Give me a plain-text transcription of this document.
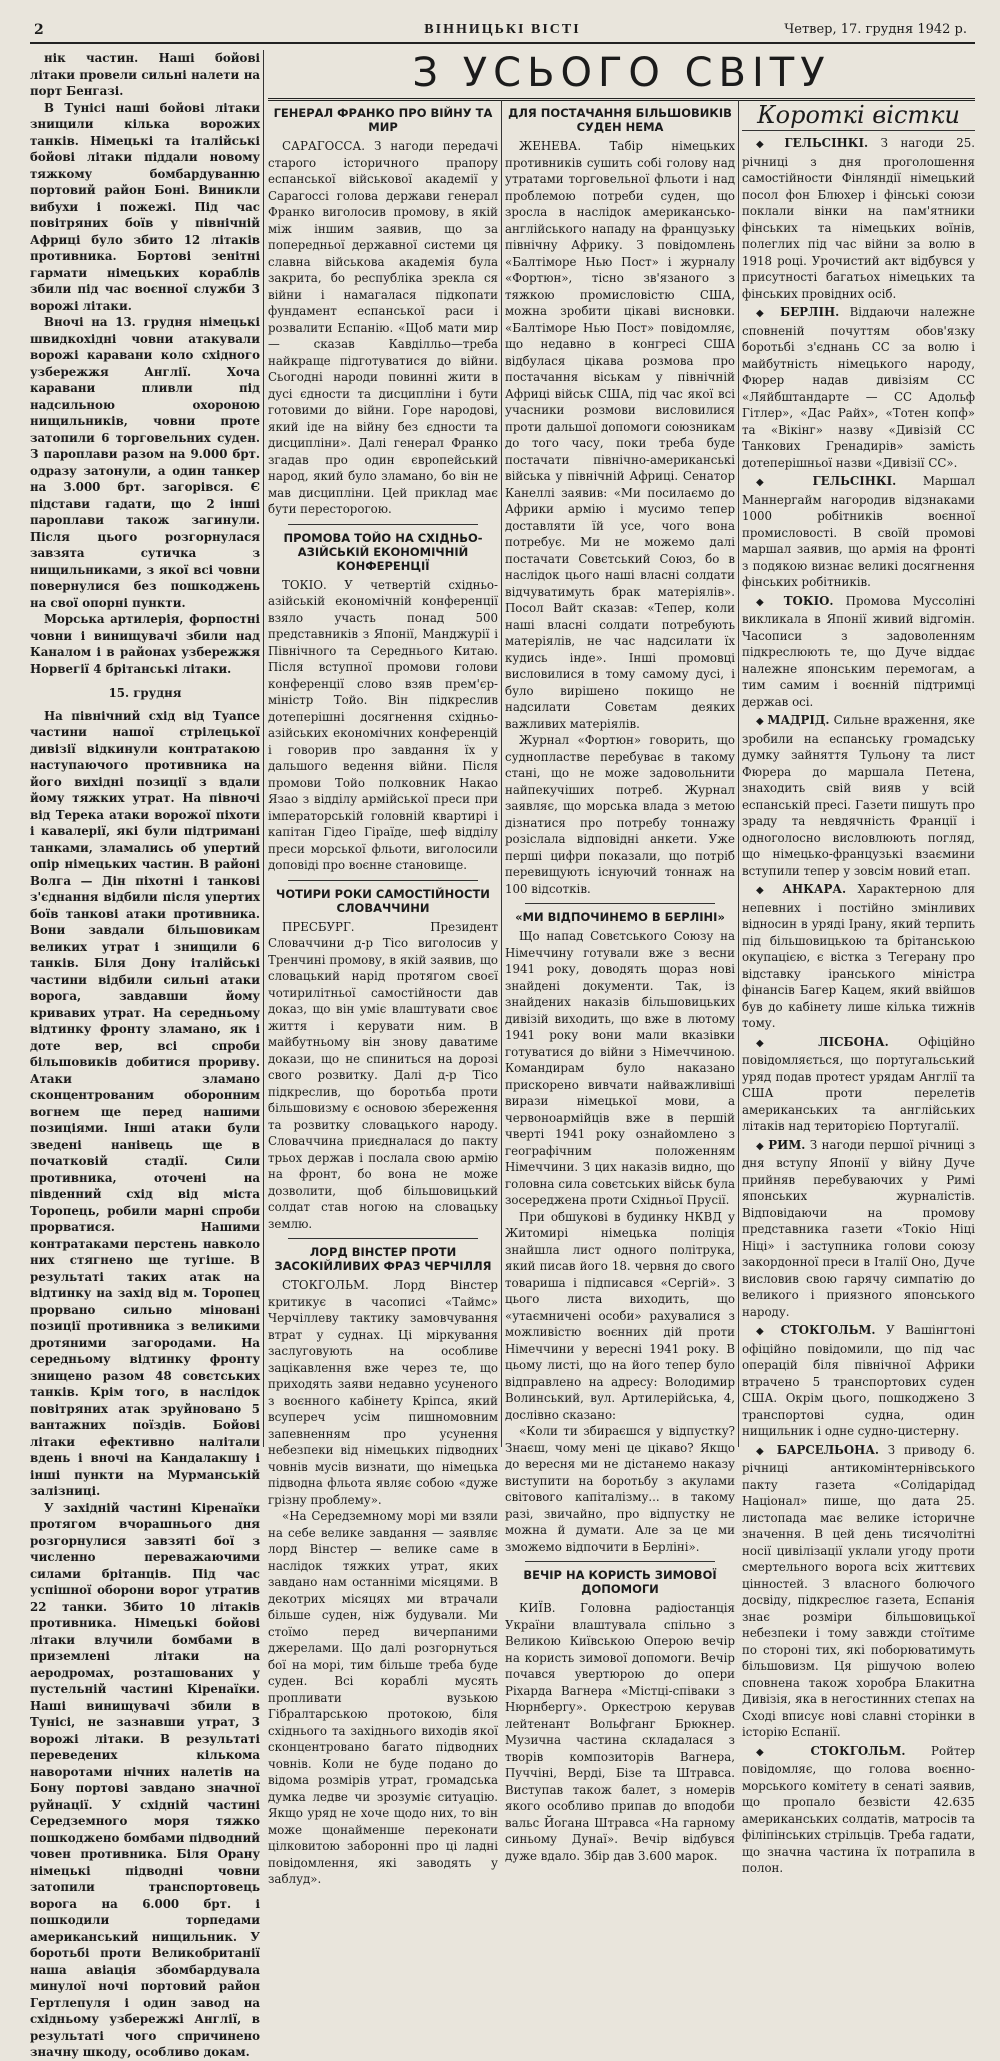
2	ВІННИЦЬКІ ВІСТІ	Четвер, 17. грудня 1942 р.
З УСЬОГО СВІТУ

нік частин. Наші бойові літаки провели сильні налети на порт Бенгазі.

В Тунісі наші бойові літаки знищили кілька ворожих танків. Німецькі та італійські бойові літаки піддали новому тяжкому бомбардуванню портовий район Боні. Виникли вибухи і пожежі. Під час повітряних боїв у північній Африці було збито 12 літаків противника. Бортові зенітні гармати німецьких кораблів збили під час воєнної служби 3 ворожі літаки.

Вночі на 13. грудня німецькі швидкохідні човни атакували ворожі каравани коло східного узбережжя Англії. Хоча каравани пливли під надсильною охороною нищильників, човни проте затопили 6 торговельних суден. З пароплави разом на 9.000 брт. одразу затонули, а один танкер на 3.000 брт. загорівся. Є підстави гадати, що 2 інші пароплави також загинули. Після цього розгорнулася завзята сутичка з нищильниками, з якої всі човни повернулися без пошкоджень на свої опорні пункти.

Морська артилерія, форпостні човни і винищувачі збили над Каналом і в районах узбережжя Норвегії 4 брітанські літаки.

15. грудня

На північний схід від Туапсе частини нашої стрілецької дивізії відкинули контратакою наступаючого противника на його вихідні позиції з вдали йому тяжких утрат. На півночі від Терека атаки ворожої піхоти і кавалерії, які були підтримані танками, зламались об упертий опір німецьких частин. В районі Волга — Дін піхотні і танкові з'єднання відбили після упертих боїв танкові атаки противника. Вони завдали більшовикам великих утрат і знищили 6 танків. Біля Дону італійські частини відбили сильні атаки ворога, завдавши йому кривавих утрат. На середньому відтинку фронту зламано, як і доте вер, всі спроби більшовиків добитися прориву. Атаки зламано сконцентрованим оборонним вогнем ще перед нашими позиціями. Інші атаки були зведені нанівець ще в початковій стадії. Сили противника, оточені на південний схід від міста Торопець, робили марні спроби прорватися. Нашими контратаками перстень навколо них стягнено ще тугіше. В результаті таких атак на відтинку на захід від м. Торопец прорвано сильно міновані позиції противника з великими дротяними загородами. На середньому відтинку фронту знищено разом 48 совєтських танків. Крім того, в наслідок повітряних атак зруйновано 5 вантажних поїздів. Бойові літаки ефективно налітали вдень і вночі на Кандалакшу і інші пункти на Мурманській залізниці.

У західній частині Кіренаїки протягом вчорашнього дня розгорнулися завзяті бої з численно переважаючими силами брітанців. Під час успішної оборони ворог утратив 22 танки. Збито 10 літаків противника. Німецькі бойові літаки влучили бомбами в приземлені літаки на аеродромах, розташованих у пустельній частині Кіренаїки. Наші винищувачі збили в Тунісі, не зазнавши утрат, 3 ворожі літаки. В результаті переведених кількома наворотами нічних налетів на Бону портові завдано значної руйнації. У східній частині Середземного моря тяжко пошкоджено бомбами підводний човен противника. Біля Орану німецькі підводні човни затопили транспортовець ворога на 6.000 брт. і пошкодили торпедами американський нищильник. У боротьбі проти Великобританії наша авіація збомбардувала минулої ночі портовий район Гертлепуля і один завод на східньому узбережжі Англії, в результаті чого спричинено значну шкоду, особливо докам.

ГЕНЕРАЛ ФРАНКО ПРО ВІЙНУ ТА МИР

САРАГОССА. З нагоди передачі старого історичного прапору еспанської військової академії у Сарагоссі голова держави генерал Франко виголосив промову, в якій між іншим заявив, що за попередньої державної системи ця славна військова академія була закрита, бо республіка зрекла ся війни і намагалася підкопати фундамент еспанської раси і розвалити Еспанію. «Щоб мати мир — сказав Кавділльо—треба найкраще підготуватися до війни. Сьогодні народи повинні жити в дусі єдности та дисципліни і бути готовими до війни. Горе народові, який іде на війну без єдности та дисципліни». Далі генерал Франко згадав про один європейський народ, який було зламано, бо він не мав дисципліни. Цей приклад має бути пересторогою.

ПРОМОВА ТОЙО НА СХІДНЬО-АЗІЙСЬКІЙ ЕКОНОМІЧНІЙ КОНФЕРЕНЦІЇ

ТОКІО. У четвертій східньо-азійській економічній конференції взяло участь понад 500 представників з Японії, Манджурії і Північного та Середнього Китаю. Після вступної промови голови конференції слово взяв прем'єр-міністр Тойо. Він підкреслив дотеперішні досягнення східньо-азійських економічних конференцій і говорив про завдання їх у дальшого ведення війни. Після промови Тойо полковник Накао Язао з відділу армійської преси при імператорській головній квартирі і капітан Гідео Гіраїде, шеф відділу преси морської фльоти, виголосили доповіді про воєнне становище.

ЧОТИРИ РОКИ САМОСТІЙНОСТИ СЛОВАЧЧИНИ

ПРЕСБУРГ. Президент Словаччини д-р Тісо виголосив у Тренчині промову, в якій заявив, що словацький нарід протягом своєї чотирилітньої самостійности дав доказ, що він уміє влаштувати своє життя і керувати ним. В майбутньому він знову даватиме докази, що не спиниться на дорозі свого розвитку. Далі д-р Тісо підкреслив, що боротьба проти більшовизму є основою збереження та розвитку словацького народу. Словаччина приєдналася до пакту трьох держав і послала свою армію на фронт, бо вона не може дозволити, щоб більшовицький солдат став ногою на словацьку землю.

ЛОРД ВІНСТЕР ПРОТИ ЗАСОКІЙЛИВИХ ФРАЗ ЧЕРЧІЛЛЯ

СТОКГОЛЬМ. Лорд Вінстер критикує в часописі «Таймс» Черчіллеву тактику замовчування втрат у суднах. Ці міркування заслуговують на особливе зацікавлення вже через те, що приходять заяви недавно усуненого з воєнного кабінету Кріпса, який всупереч усім пишномовним запевненням про усунення небезпеки від німецьких підводних човнів мусів визнати, що німецька підводна фльота являє собою «дуже грізну проблему».

«На Середземному морі ми взяли на себе велике завдання — заявляє лорд Вінстер — велике саме в наслідок тяжких утрат, яких завдано нам останніми місяцями. В декотрих місяцях ми втрачали більше суден, ніж будували. Ми стоїмо перед вичерпаними джерелами. Що далі розгорнуться бої на морі, тим більше треба буде суден. Всі кораблі мусять пропливати вузькою Гібралтарською протокою, біля східнього та західнього виходів якої сконцентровано багато підводних човнів. Коли не буде подано до відома розмірів утрат, громадська думка ледве чи зрозуміє ситуацію. Якщо уряд не хоче щодо них, то він може щонайменше переконати цілковитою заборонні про ці ладні повідомлення, які заводять у заблуд».

ДЛЯ ПОСТАЧАННЯ БІЛЬШОВИКІВ СУДЕН НЕМА

ЖЕНЕВА. Табір німецьких противників сушить собі голову над утратами торговельної фльоти і над проблемою потреби суден, що зросла в наслідок американсько-англійського нападу на французьку північну Африку. З повідомлень «Балтіморе Нью Пост» і журналу «Фортюн», тісно зв'язаного з тяжкою промисловістю США, можна зробити цікаві висновки. «Балтіморе Нью Пост» повідомляє, що недавно в конгресі США відбулася цікава розмова про постачання віськам у північній Африці військ США, під час якої всі учасники розмови висловилися проти дальшої допомоги союзникам до того часу, поки треба буде постачати північно-американські війська у північній Африці. Сенатор Канеллі заявив: «Ми посилаємо до Африки армію і мусимо тепер доставляти їй усе, чого вона потребує. Ми не можемо далі постачати Совєтський Союз, бо в наслідок цього наші власні солдати відчуватимуть брак матеріялів». Посол Вайт сказав: «Тепер, коли наші власні солдати потребують матеріялів, не час надсилати їх кудись інде». Інші промовці висловилися в тому самому дусі, і було вирішено покищо не надсилати Совєтам деяких важливих матеріялів.

Журнал «Фортюн» говорить, що суднопластве перебуває в такому стані, що не може задовольнити найпекучіших потреб. Журнал заявляє, що морська влада з метою дізнатися про потребу тоннажу розіслала відповідні анкети. Уже перші цифри показали, що потріб перевищують існуючий тоннаж на 100 відсотків.

«МИ ВІДПОЧИНЕМО В БЕРЛІНІ»

Що напад Совєтського Союзу на Німеччину готували вже з весни 1941 року, доводять щораз нові знайдені документи. Так, із знайдених наказів більшовицьких дивізій виходить, що вже в лютому 1941 року вони мали вказівки готуватися до війни з Німеччиною. Командирам було наказано прискорено вивчати найважливіші вирази німецької мови, а червоноармійців вже в першій чверті 1941 року ознайомлено з географічним положенням Німеччини. З цих наказів видно, що головна сила совєтських військ була зосереджена проти Східньої Прусії.

При обшукові в будинку НКВД у Житомирі німецька поліція знайшла лист одного політрука, який писав його 18. червня до свого товариша і підписався «Сергій». З цього листа виходить, що «утаємничені особи» рахувалися з можливістю воєнних дій проти Німеччини у вересні 1941 року. В цьому листі, що на його тепер було відправлено на адресу: Володимир Волинський, вул. Артилерійська, 4, дослівно сказано:

«Коли ти збираєшся у відпустку? Знаєш, чому мені це цікаво? Якщо до вересня ми не дістанемо наказу виступити на боротьбу з акулами світового капіталізму... в такому разі, звичайно, про відпустку не можна й думати. Але за це ми зможемо відпочити в Берліні».

ВЕЧІР НА КОРИСТЬ ЗИМОВОЇ ДОПОМОГИ

КИЇВ. Головна радіостанція України влаштувала спільно з Великою Київською Оперою вечір на користь зимової допомоги. Вечір почався увертюрою до опери Ріхарда Вагнера «Містці-співаки з Нюрнбергу». Оркестрою керував лейтенант Вольфганг Брюкнер. Музична частина складалася з творів композиторів Вагнера, Пуччіні, Верді, Бізе та Штравса. Виступав також балет, з номерів якого особливо припав до вподоби вальс Йогана Штравса «На гарному синьому Дунаї». Вечір відбувся дуже вдало. Збір дав 3.600 марок.

Короткі вістки

◆ ГЕЛЬСІНКІ. З нагоди 25. річниці з дня проголошення самостійности Фінляндії німецький посол фон Блюхер і фінські союзи поклали вінки на пам'ятники фінських та німецьких воїнів, полеглих під час війни за волю в 1918 році. Урочистий акт відбувся у присутності багатьох німецьких та фінських провідних осіб.

◆ БЕРЛІН. Віддаючи належне сповненій почуттям обов'язку боротьбі з'єднань СС за волю і майбутність німецького народу, Фюрер надав дивізіям СС «Ляйбштандарте — СС Адольф Гітлер», «Дас Райх», «Тотен копф» та «Вікінг» назву «Дивізій СС Танкових Гренадирів» замість дотеперішньої назви «Дивізії СС».

◆ ГЕЛЬСІНКІ. Маршал Маннергайм нагородив відзнаками 1000 робітників воєнної промисловості. В своїй промові маршал заявив, що армія на фронті з подякою визнає великі досягнення фінських робітників.

◆ ТОКІО. Промова Муссоліні викликала в Японії живий відгомін. Часописи з задоволенням підкреслюють те, що Дуче віддає належне японським перемогам, а тим самим і воєнній підтримці держав осі.

◆ МАДРІД. Сильне враження, яке зробили на еспанську громадську думку зайняття Тульону та лист Фюрера до маршала Петена, знаходить свій вияв у всій еспанській пресі. Газети пишуть про зраду та невдячність Франції і одноголосно висловлюють погляд, що німецько-французькі взаємини вступили тепер у зовсім новий етап.

◆ АНКАРА. Характерною для непевних і постійно змінливих відносин в уряді Ірану, який терпить під більшовицькою та брітанською окупацією, є вістка з Тегерану про відставку іранського міністра фінансів Багер Кацем, який ввійшов був до кабінету лише кілька тижнів тому.

◆ ЛІСБОНА. Офіційно повідомляється, що португальський уряд подав протест урядам Англії та США проти перелетів американських та англійських літаків над територією Португалії.

◆ РИМ. З нагоди першої річниці з дня вступу Японії у війну Дуче прийняв перебуваючих у Римі японських журналістів. Відповідаючи на промову представника газети «Токіо Ніці Ніці» і заступника голови союзу закордонної преси в Італії Оно, Дуче висловив свою гарячу симпатію до великого і приязного японського народу.

◆ СТОКГОЛЬМ. У Вашінгтоні офіційно повідомили, що під час операцій біля північної Африки втрачено 5 транспортових суден США. Окрім цього, пошкоджено 3 транспортові судна, один нищильник і одне судно-цистерну.

◆ БАРСЕЛЬОНА. З приводу 6. річниці антикомінтернівського пакту газета «Солідарідад Націонал» пише, що дата 25. листопада має велике історичне значення. В цей день тисячолітні носії цивілізації уклали угоду проти смертельного ворога всіх життєвих цінностей. З власного болючого досвіду, підкреслює газета, Еспанія знає розміри більшовицької небезпеки і тому завжди стоїтиме по стороні тих, які поборюватимуть більшовизм. Ця рішучою волею сповнена також хоробра Блакитна Дивізія, яка в негостинних степах на Сході вписує нові славні сторінки в історію Еспанії.

◆ СТОКГОЛЬМ. Ройтер повідомляє, що голова воєнно-морського комітету в сенаті заявив, що пропало безвісти 42.635 американських солдатів, матросів та філіпінських стрільців. Треба гадати, що значна частина їх потрапила в полон.
